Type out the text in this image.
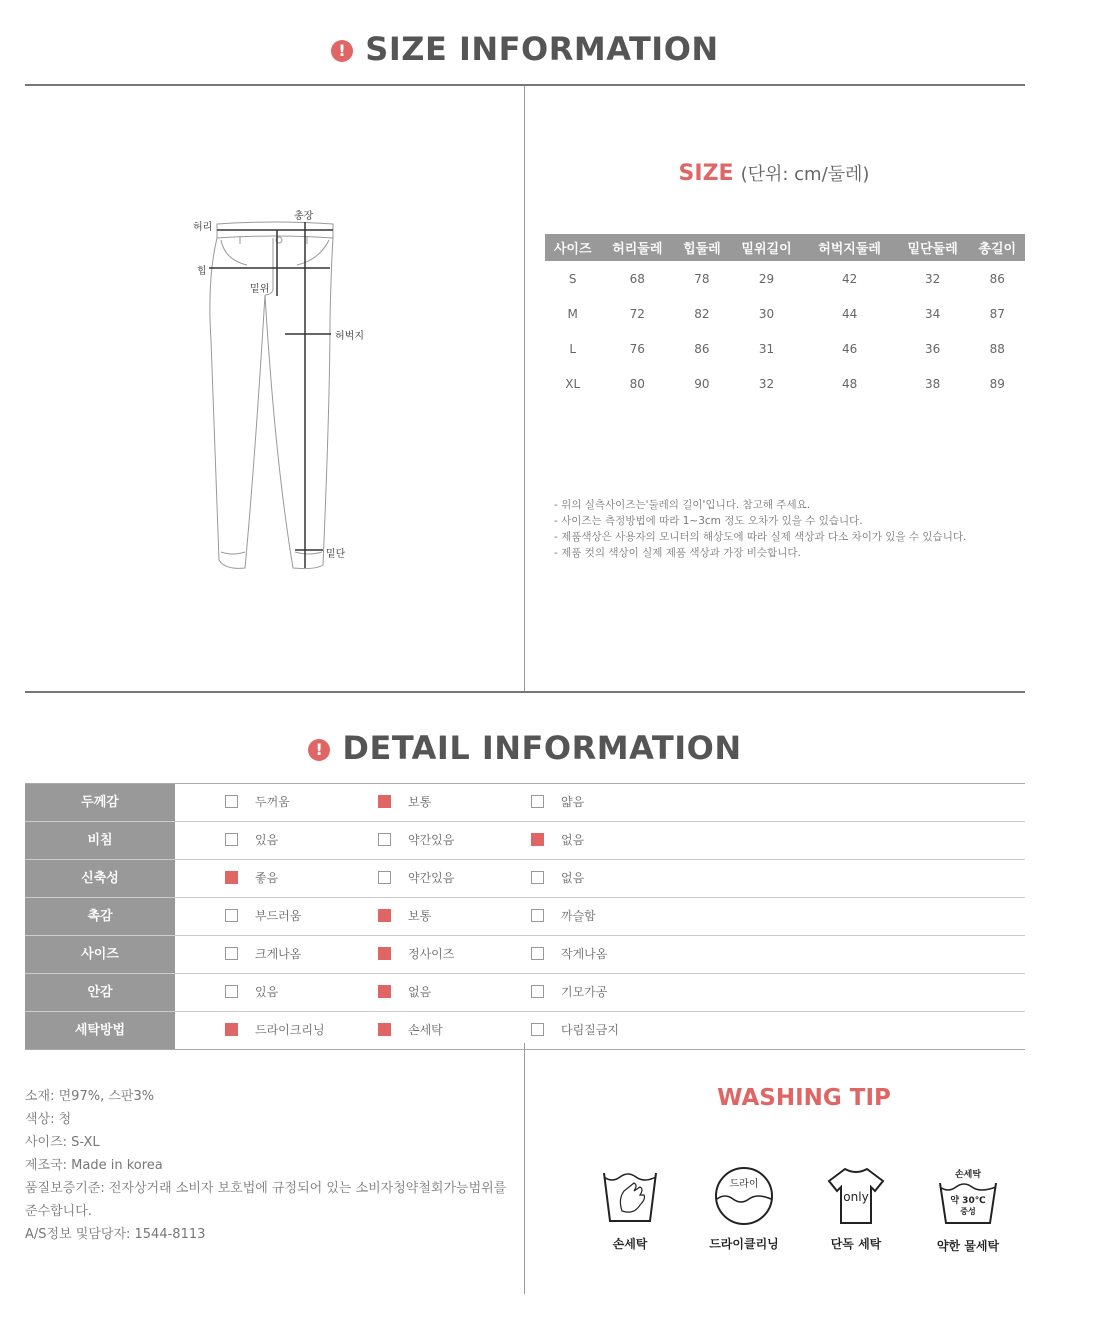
! SIZE INFORMATION
허리
총장
힙
밑위
허벅지
밑단
SIZE (단위: cm/둘레)
사이즈	허리둘레	힙둘레	밑위길이	허벅지둘레	밑단둘레	총길이
S	68	78	29	42	32	86
M	72	82	30	44	34	87
L	76	86	31	46	36	88
XL	80	90	32	48	38	89
- 위의 실측사이즈는'둘레의 길이'입니다. 참고해 주세요.
- 사이즈는 측정방법에 따라 1~3cm 정도 오차가 있을 수 있습니다.
- 제품색상은 사용자의 모니터의 해상도에 따라 실제 색상과 다소 차이가 있을 수 있습니다.
- 제품 컷의 색상이 실제 제품 색상과 가장 비슷합니다.
! DETAIL INFORMATION
두께감	두꺼움	보통	얇음
비침	있음	약간있음	없음
신축성	좋음	약간있음	없음
촉감	부드러움	보통	까슬함
사이즈	크게나옴	정사이즈	작게나옴
안감	있음	없음	기모가공
세탁방법	드라이크리닝	손세탁	다림질금지
소재: 면97%, 스판3%
색상: 청
사이즈: S-XL
제조국: Made in korea
품질보증기준: 전자상거래 소비자 보호법에 규정되어 있는 소비자청약철회가능범위를
준수합니다.
A/S정보 및담당자: 1544-8113
WASHING TIP
손세탁
드라이
드라이클리닝
only
단독 세탁
손세탁
약 30℃
중성
약한 물세탁
